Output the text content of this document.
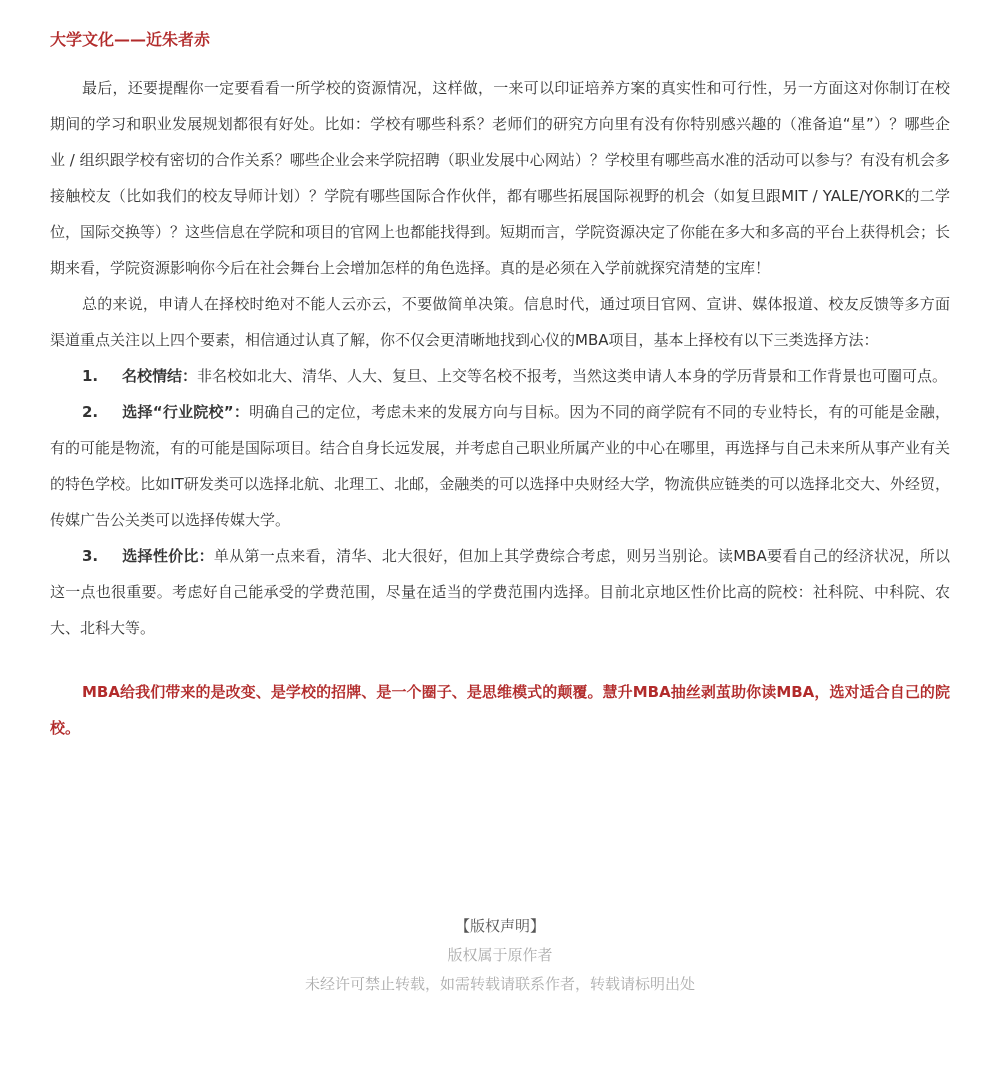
大学文化——近朱者赤

最后，还要提醒你一定要看看一所学校的资源情况，这样做，一来可以印证培养方案的真实性和可行性，另一方面这对你制订在校期间的学习和职业发展规划都很有好处。比如：学校有哪些科系？老师们的研究方向里有没有你特别感兴趣的（准备追“星”）？哪些企业 / 组织跟学校有密切的合作关系？哪些企业会来学院招聘（职业发展中心网站）？学校里有哪些高水准的活动可以参与？有没有机会多接触校友（比如我们的校友导师计划）？学院有哪些国际合作伙伴，都有哪些拓展国际视野的机会（如复旦跟MIT / YALE/YORK的二学位，国际交换等）？这些信息在学院和项目的官网上也都能找得到。短期而言，学院资源决定了你能在多大和多高的平台上获得机会；长期来看，学院资源影响你今后在社会舞台上会增加怎样的角色选择。真的是必须在入学前就探究清楚的宝库！

总的来说，申请人在择校时绝对不能人云亦云，不要做简单决策。信息时代，通过项目官网、宣讲、媒体报道、校友反馈等多方面渠道重点关注以上四个要素，相信通过认真了解，你不仅会更清晰地找到心仪的MBA项目，基本上择校有以下三类选择方法：

1. 名校情结：非名校如北大、清华、人大、复旦、上交等名校不报考，当然这类申请人本身的学历背景和工作背景也可圈可点。
2. 选择“行业院校”：明确自己的定位，考虑未来的发展方向与目标。因为不同的商学院有不同的专业特长，有的可能是金融，有的可能是物流，有的可能是国际项目。结合自身长远发展，并考虑自己职业所属产业的中心在哪里，再选择与自己未来所从事产业有关的特色学校。比如IT研发类可以选择北航、北理工、北邮，金融类的可以选择中央财经大学，物流供应链类的可以选择北交大、外经贸，传媒广告公关类可以选择传媒大学。
3. 选择性价比：单从第一点来看，清华、北大很好，但加上其学费综合考虑，则另当别论。读MBA要看自己的经济状况，所以这一点也很重要。考虑好自己能承受的学费范围，尽量在适当的学费范围内选择。目前北京地区性价比高的院校：社科院、中科院、农大、北科大等。

MBA给我们带来的是改变、是学校的招牌、是一个圈子、是思维模式的颠覆。慧升MBA抽丝剥茧助你读MBA，选对适合自己的院校。

【版权声明】
版权属于原作者
未经许可禁止转载，如需转载请联系作者，转载请标明出处
